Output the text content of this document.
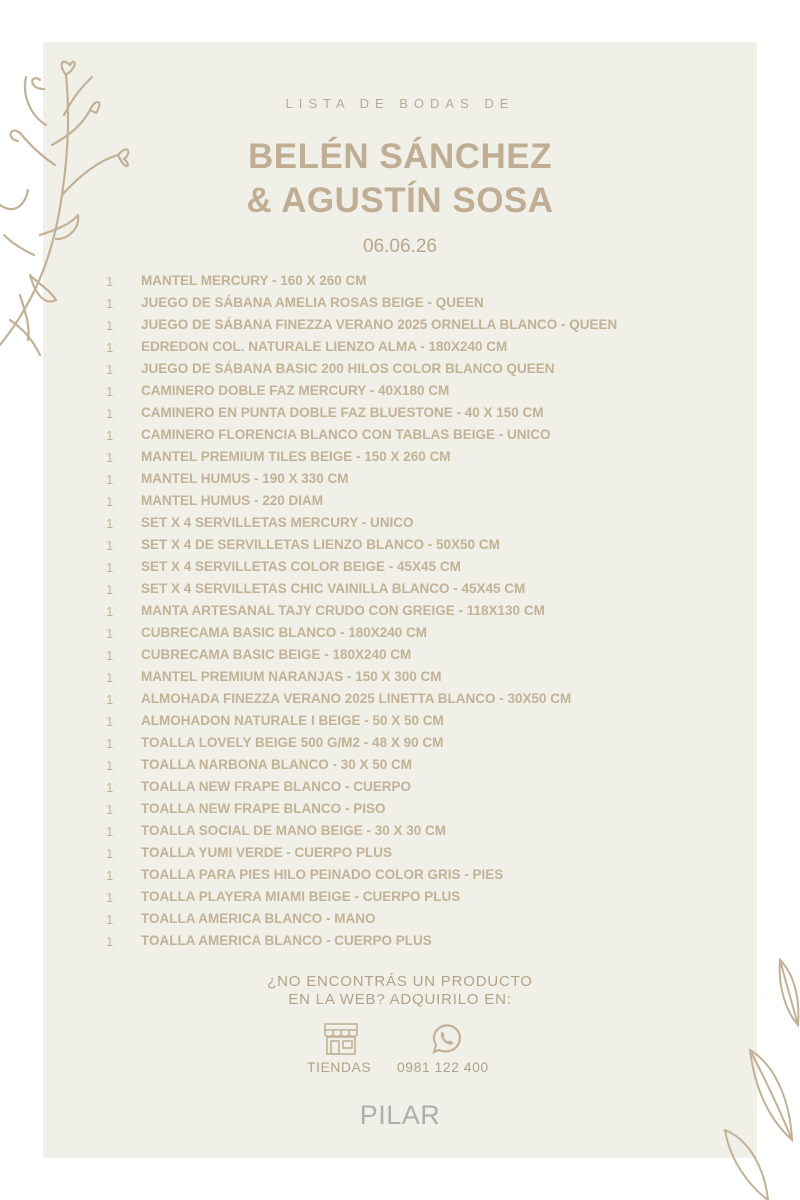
LISTA DE BODAS DE
BELÉN SÁNCHEZ
& AGUSTÍN SOSA
06.06.26
1 MANTEL MERCURY - 160 X 260 CM
1 JUEGO DE SÁBANA AMELIA ROSAS BEIGE - QUEEN
1 JUEGO DE SÁBANA FINEZZA VERANO 2025 ORNELLA BLANCO - QUEEN
1 EDREDON COL. NATURALE LIENZO ALMA - 180X240 CM
1 JUEGO DE SÁBANA BASIC 200 HILOS COLOR BLANCO QUEEN
1 CAMINERO DOBLE FAZ MERCURY - 40X180 CM
1 CAMINERO EN PUNTA DOBLE FAZ BLUESTONE - 40 X 150 CM
1 CAMINERO FLORENCIA BLANCO CON TABLAS BEIGE - UNICO
1 MANTEL PREMIUM TILES BEIGE - 150 X 260 CM
1 MANTEL HUMUS - 190 X 330 CM
1 MANTEL HUMUS - 220 DIAM
1 SET X 4 SERVILLETAS MERCURY - UNICO
1 SET X 4 DE SERVILLETAS LIENZO BLANCO - 50X50 CM
1 SET X 4 SERVILLETAS COLOR BEIGE - 45X45 CM
1 SET X 4 SERVILLETAS CHIC VAINILLA BLANCO - 45X45 CM
1 MANTA ARTESANAL TAJY CRUDO CON GREIGE - 118X130 CM
1 CUBRECAMA BASIC BLANCO - 180X240 CM
1 CUBRECAMA BASIC BEIGE - 180X240 CM
1 MANTEL PREMIUM NARANJAS - 150 X 300 CM
1 ALMOHADA FINEZZA VERANO 2025 LINETTA BLANCO - 30X50 CM
1 ALMOHADON NATURALE I BEIGE - 50 X 50 CM
1 TOALLA LOVELY BEIGE 500 G/M2 - 48 X 90 CM
1 TOALLA NARBONA BLANCO - 30 X 50 CM
1 TOALLA NEW FRAPE BLANCO - CUERPO
1 TOALLA NEW FRAPE BLANCO - PISO
1 TOALLA SOCIAL DE MANO BEIGE - 30 X 30 CM
1 TOALLA YUMI VERDE - CUERPO PLUS
1 TOALLA PARA PIES HILO PEINADO COLOR GRIS - PIES
1 TOALLA PLAYERA MIAMI BEIGE - CUERPO PLUS
1 TOALLA AMERICA BLANCO - MANO
1 TOALLA AMERICA BLANCO - CUERPO PLUS
¿NO ENCONTRÁS UN PRODUCTO
EN LA WEB? ADQUIRILO EN:
TIENDAS 0981 122 400
PILAR
